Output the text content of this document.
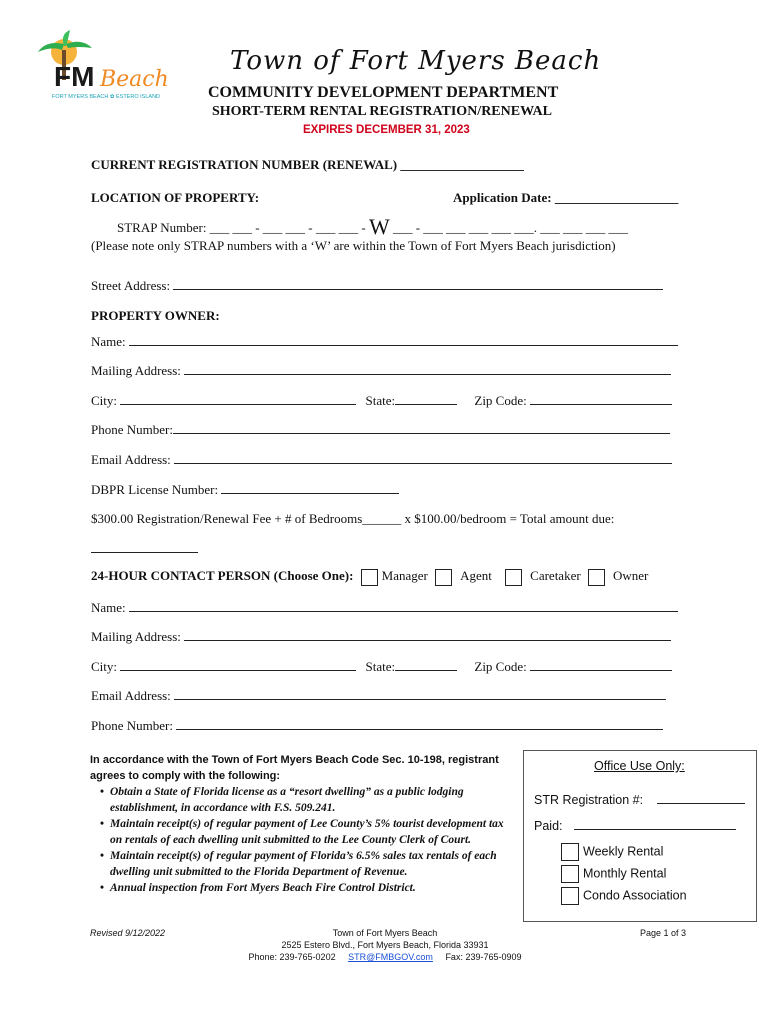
FM Beach
FORT MYERS BEACH ✿ ESTERO ISLAND
Town of Fort Myers Beach
COMMUNITY DEVELOPMENT DEPARTMENT
SHORT-TERM RENTAL REGISTRATION/RENEWAL
EXPIRES DECEMBER 31, 2023
CURRENT REGISTRATION NUMBER (RENEWAL) ___________________
LOCATION OF PROPERTY:	Application Date: ___________________
STRAP Number: ___ ___ - ___ ___ - ___ ___ - W ___ - ___ ___ ___ ___ ___. ___ ___ ___ ___
(Please note only STRAP numbers with a ‘W’ are within the Town of Fort Myers Beach jurisdiction)
Street Address:
PROPERTY OWNER:
Name:
Mailing Address:
City:	State:	Zip Code:
Phone Number:
Email Address:
DBPR License Number:
$300.00 Registration/Renewal Fee + # of Bedrooms______ x $100.00/bedroom = Total amount due:
24-HOUR CONTACT PERSON (Choose One): Manager Agent	Caretaker Owner
Name:
Mailing Address:
City:	State:	Zip Code:
Email Address:
Phone Number:
In accordance with the Town of Fort Myers Beach Code Sec. 10-198, registrant agrees to comply with the following:
• Obtain a State of Florida license as a “resort dwelling” as a public lodging establishment, in accordance with F.S. 509.241.
• Maintain receipt(s) of regular payment of Lee County’s 5% tourist development tax on rentals of each dwelling unit submitted to the Lee County Clerk of Court.
• Maintain receipt(s) of regular payment of Florida’s 6.5% sales tax rentals of each dwelling unit submitted to the Florida Department of Revenue.
• Annual inspection from Fort Myers Beach Fire Control District.
Office Use Only:
STR Registration #:
Paid:
Weekly Rental
Monthly Rental
Condo Association
Revised 9/12/2022	Town of Fort Myers Beach
2525 Estero Blvd., Fort Myers Beach, Florida 33931
Phone: 239-765-0202 STR@FMBGOV.com Fax: 239-765-0909
Page 1 of 3
